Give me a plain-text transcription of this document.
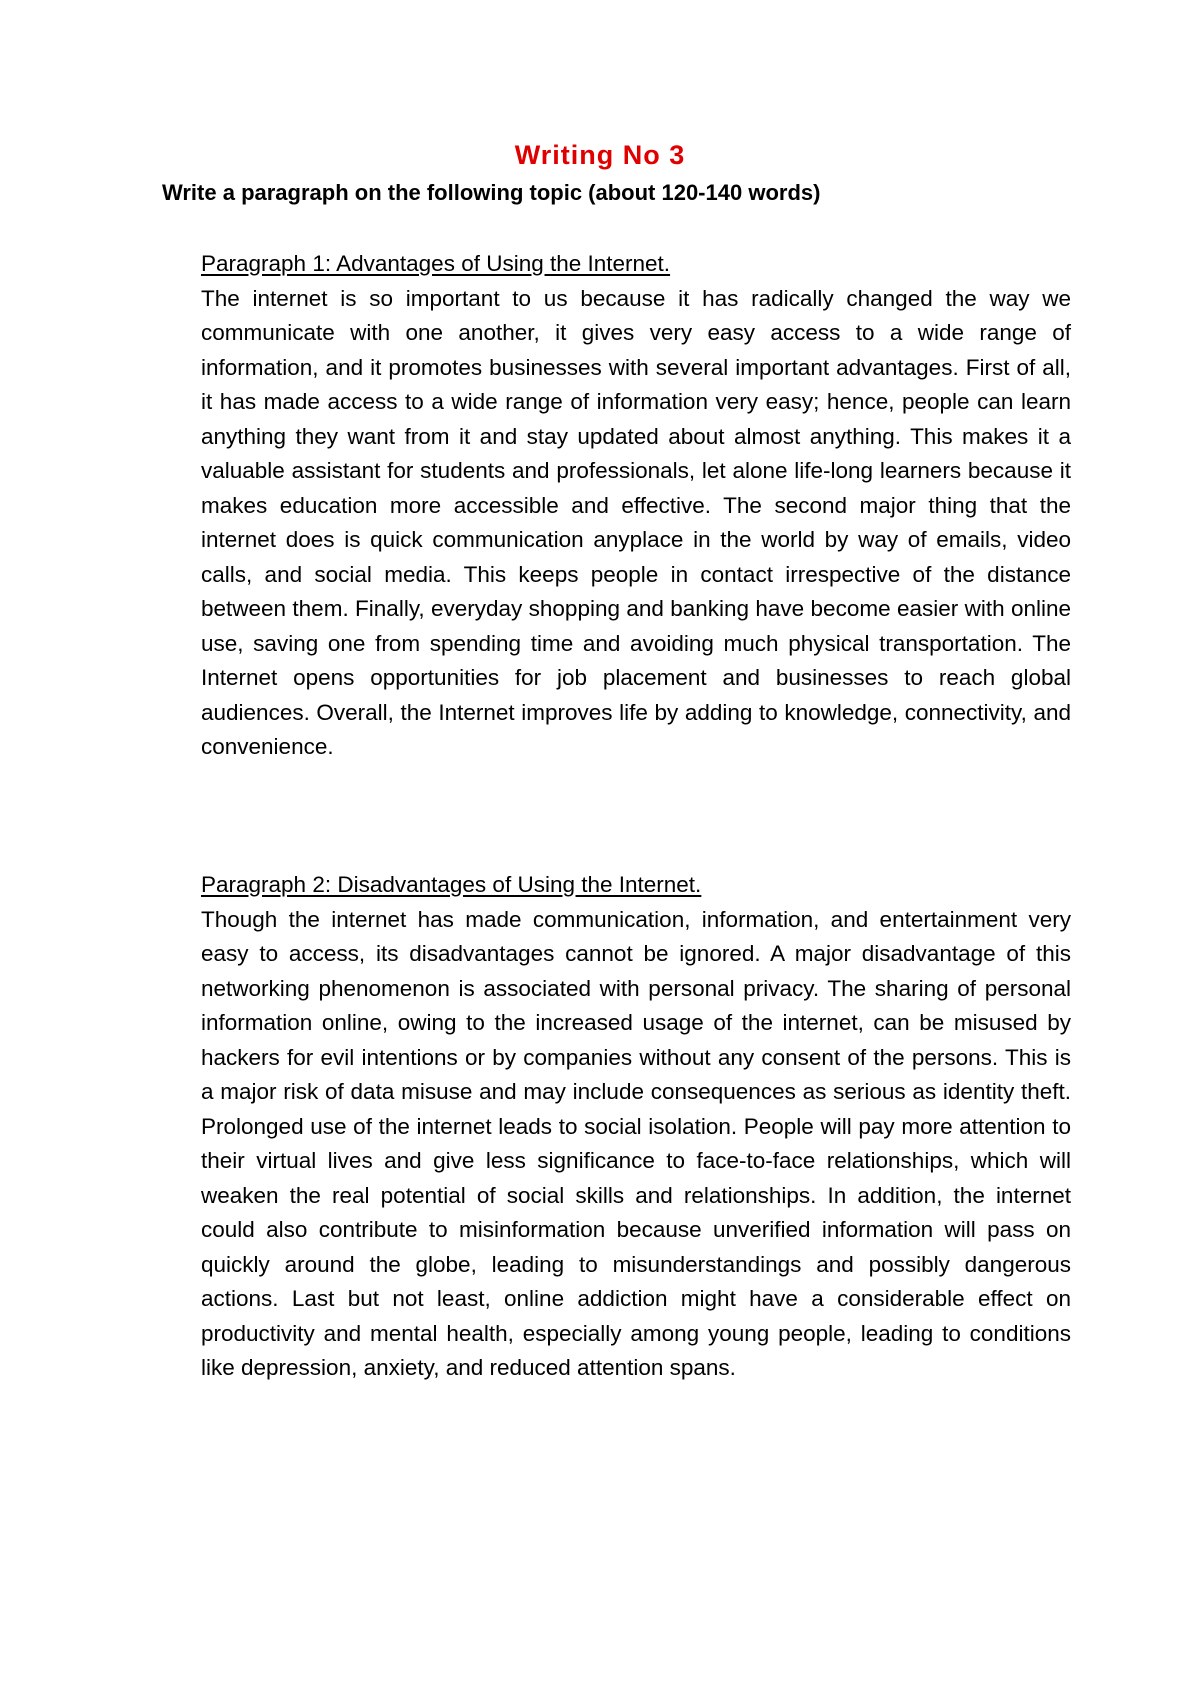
Writing No 3

Write a paragraph on the following topic (about 120-140 words)

Paragraph 1: Advantages of Using the Internet.

The internet is so important to us because it has radically changed the way we communicate with one another, it gives very easy access to a wide range of information, and it promotes businesses with several important advantages. First of all, it has made access to a wide range of information very easy; hence, people can learn anything they want from it and stay updated about almost anything. This makes it a valuable assistant for students and professionals, let alone life-long learners because it makes education more accessible and effective. The second major thing that the internet does is quick communication anyplace in the world by way of emails, video calls, and social media. This keeps people in contact irrespective of the distance between them. Finally, everyday shopping and banking have become easier with online use, saving one from spending time and avoiding much physical transportation. The Internet opens opportunities for job placement and businesses to reach global audiences. Overall, the Internet improves life by adding to knowledge, connectivity, and convenience.

Paragraph 2: Disadvantages of Using the Internet.

Though the internet has made communication, information, and entertainment very easy to access, its disadvantages cannot be ignored. A major disadvantage of this networking phenomenon is associated with personal privacy. The sharing of personal information online, owing to the increased usage of the internet, can be misused by hackers for evil intentions or by companies without any consent of the persons. This is a major risk of data misuse and may include consequences as serious as identity theft. Prolonged use of the internet leads to social isolation. People will pay more attention to their virtual lives and give less significance to face-to-face relationships, which will weaken the real potential of social skills and relationships. In addition, the internet could also contribute to misinformation because unverified information will pass on quickly around the globe, leading to misunderstandings and possibly dangerous actions. Last but not least, online addiction might have a considerable effect on productivity and mental health, especially among young people, leading to conditions like depression, anxiety, and reduced attention spans.
